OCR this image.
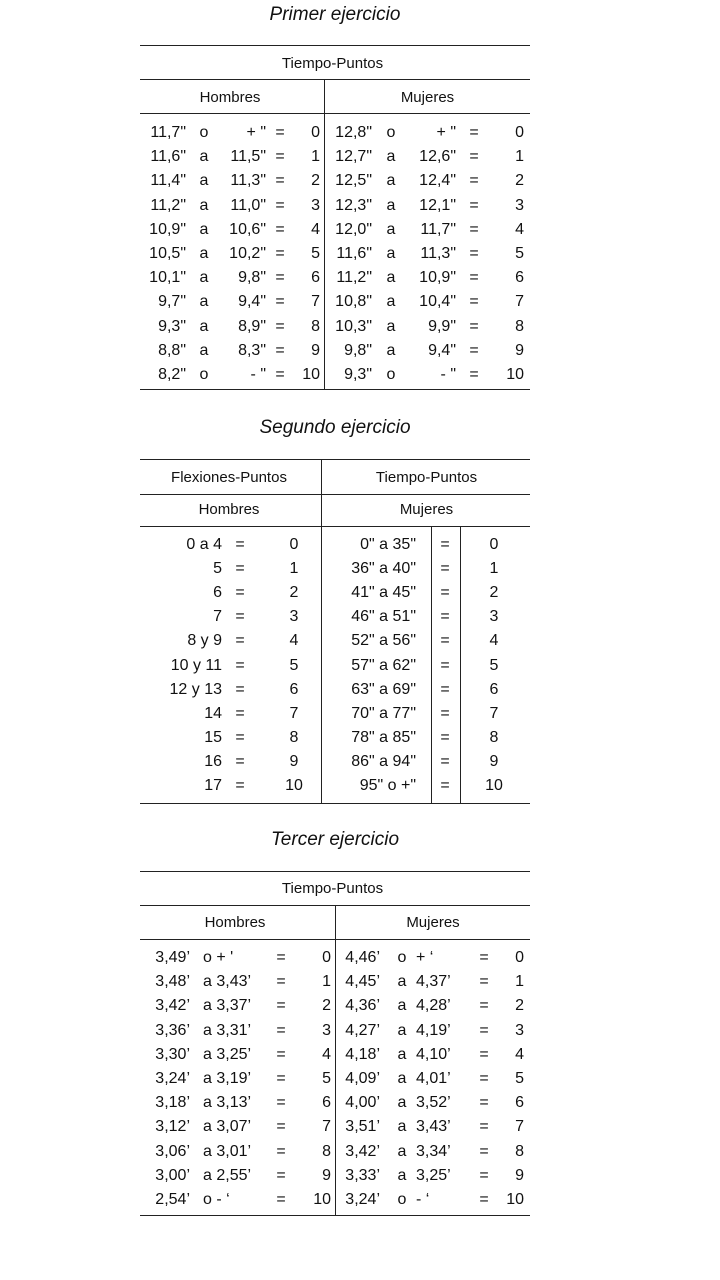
Primer ejercicio
Tiempo-Puntos
Hombres	Mujeres
11,7" o	+ " =	0 12,8" o	+ " =	0
11,6" a	11,5" =	1 12,7" a	12,6" =	1
11,4" a	11,3" =	2 12,5" a	12,4" =	2
11,2" a	11,0" =	3 12,3" a	12,1" =	3
10,9" a	10,6" =	4 12,0" a	11,7" =	4
10,5" a	10,2" =	5	11,6" a	11,3" =	5
10,1" a	9,8" =	6	11,2" a	10,9" =	6
9,7" a	9,4" =	7 10,8" a	10,4" =	7
9,3" a	8,9" =	8 10,3" a	9,9" =	8
8,8" a	8,3" =	9	9,8" a	9,4" =	9
8,2" o	- " = 10	9,3" o	- " =	10
Segundo ejercicio
Flexiones-Puntos	Tiempo-Puntos
Hombres	Mujeres
0 a 4 =	0	0" a 35" =	0
5 =	1	36" a 40" =	1
6 =	2	41" a 45" =	2
7 =	3	46" a 51" =	3
8 y 9 =	4	52" a 56" =	4
10 y 11 =	5	57" a 62" =	5
12 y 13 =	6	63" a 69" =	6
14 =	7	70" a 77" =	7
15 =	8	78" a 85" =	8
16 =	9	86" a 94" =	9
17 =	10	95" o +" =	10
Tercer ejercicio
Tiempo-Puntos
Hombres	Mujeres
3,49’ o + '	=	0 4,46’ o + ‘	=	0
3,48’ a 3,43’	=	1 4,45’ a 4,37’	=	1
3,42’ a 3,37’	=	2 4,36’ a 4,28’	=	2
3,36’ a 3,31’	=	3 4,27’ a 4,19’	=	3
3,30’ a 3,25’	=	4 4,18’ a 4,10’	=	4
3,24’ a 3,19’	=	5 4,09’ a 4,01’	=	5
3,18’ a 3,13’	=	6 4,00’ a 3,52’	=	6
3,12’ a 3,07’	=	7 3,51’ a 3,43’	=	7
3,06’ a 3,01’	=	8 3,42’ a 3,34’	=	8
3,00’ a 2,55’	=	9 3,33’ a 3,25’	=	9
2,54’ o - ‘	=	10 3,24’ o - ‘	=	10
